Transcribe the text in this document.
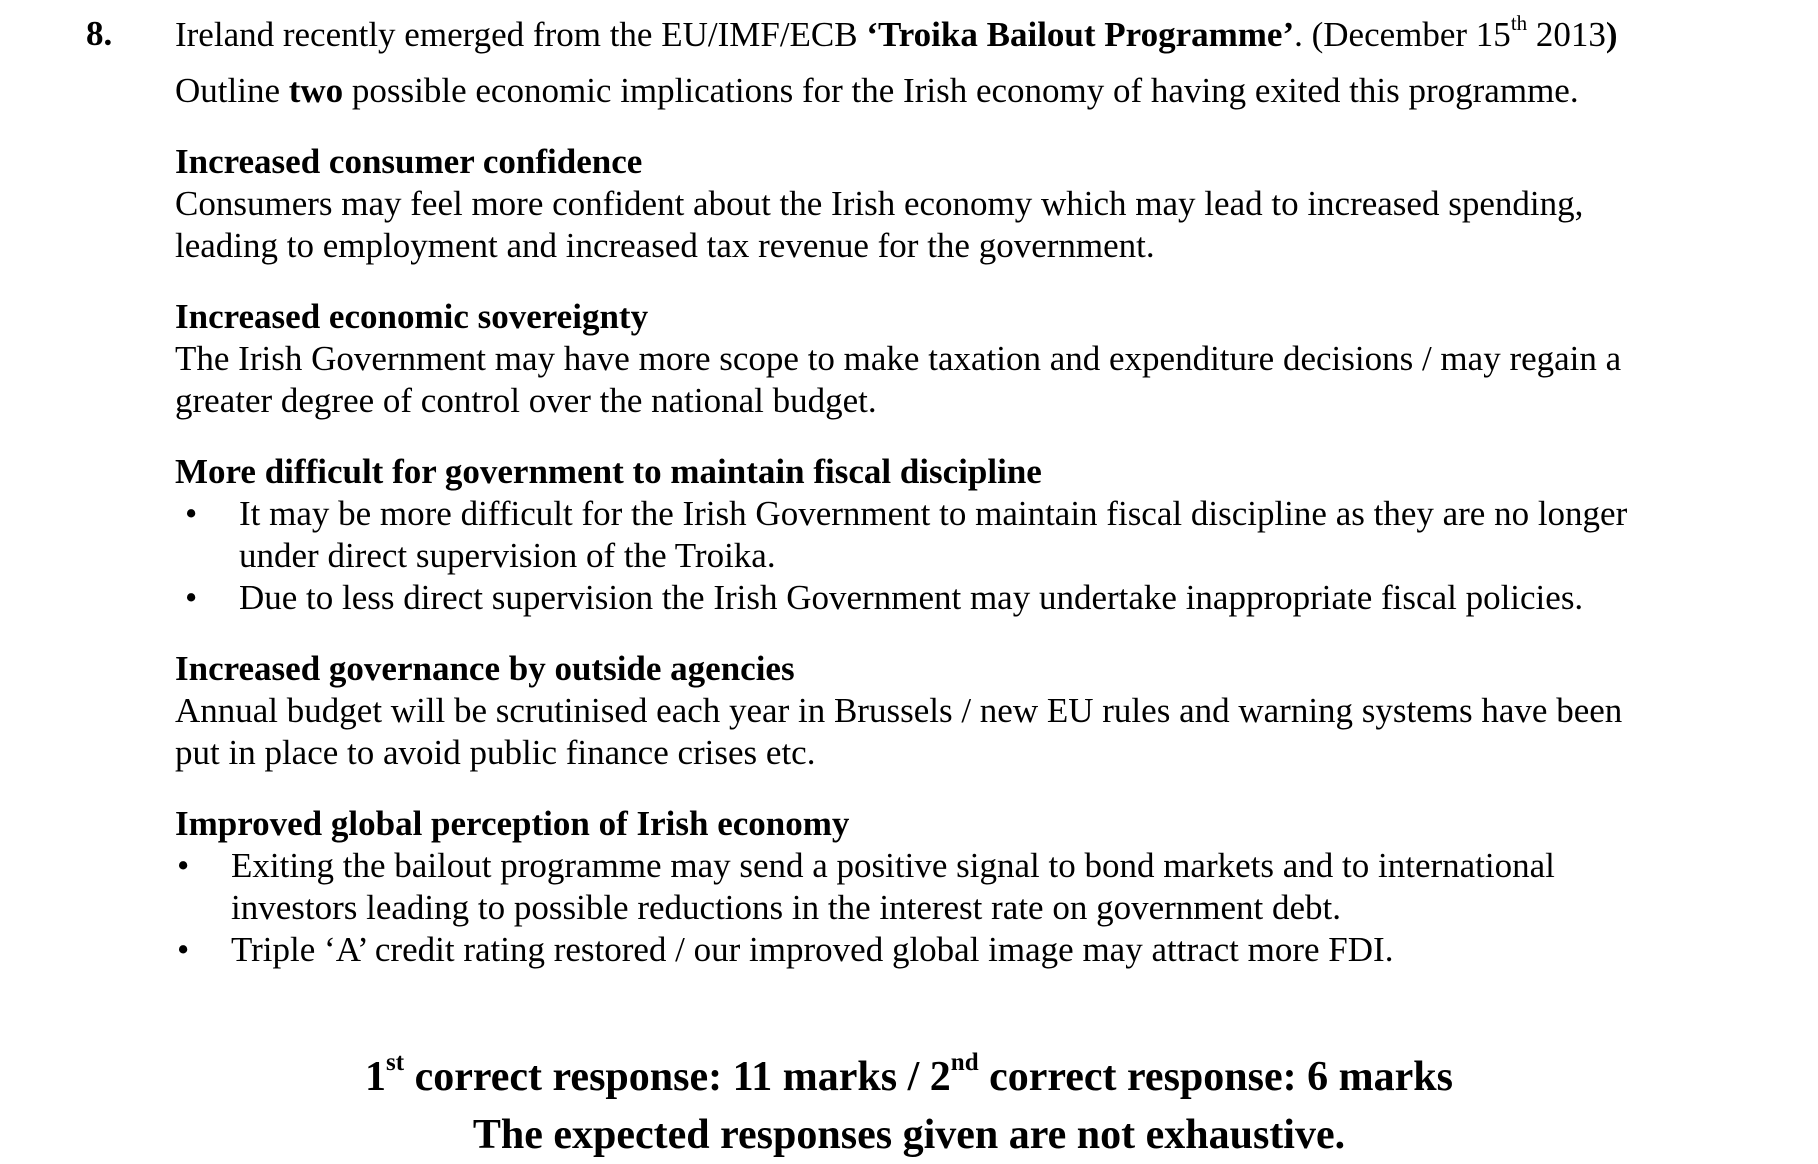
8. Ireland recently emerged from the EU/IMF/ECB ‘Troika Bailout Programme’. (December 15th 2013)
Outline two possible economic implications for the Irish economy of having exited this programme.
Increased consumer confidence
Consumers may feel more confident about the Irish economy which may lead to increased spending,
leading to employment and increased tax revenue for the government.
Increased economic sovereignty
The Irish Government may have more scope to make taxation and expenditure decisions / may regain a
greater degree of control over the national budget.
More difficult for government to maintain fiscal discipline
• It may be more difficult for the Irish Government to maintain fiscal discipline as they are no longer
under direct supervision of the Troika.
• Due to less direct supervision the Irish Government may undertake inappropriate fiscal policies.
Increased governance by outside agencies
Annual budget will be scrutinised each year in Brussels / new EU rules and warning systems have been
put in place to avoid public finance crises etc.
Improved global perception of Irish economy
• Exiting the bailout programme may send a positive signal to bond markets and to international
investors leading to possible reductions in the interest rate on government debt.
• Triple ‘A’ credit rating restored / our improved global image may attract more FDI.
1st correct response: 11 marks / 2nd correct response: 6 marks
The expected responses given are not exhaustive.
